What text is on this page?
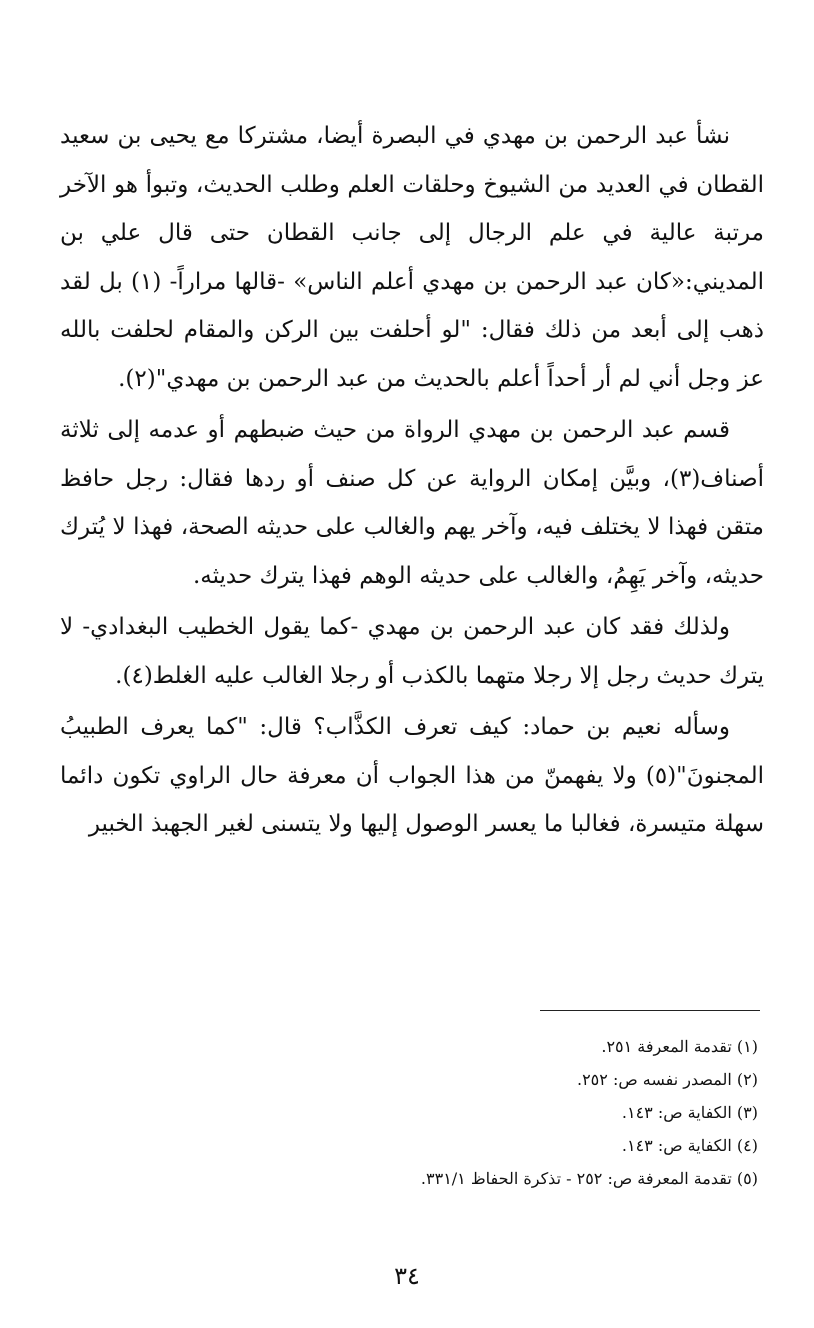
نشأ عبد الرحمن بن مهدي في البصرة أيضا، مشتركا مع يحيى بن سعيد القطان في العديد من الشيوخ وحلقات العلم وطلب الحديث، وتبوأ هو الآخر مرتبة عالية في علم الرجال إلى جانب القطان حتى قال علي بن المديني:«كان عبد الرحمن بن مهدي أعلم الناس» -قالها مراراً- (١) بل لقد ذهب إلى أبعد من ذلك فقال: "لو أحلفت بين الركن والمقام لحلفت بالله عز وجل أني لم أر أحداً أعلم بالحديث من عبد الرحمن بن مهدي"(٢).

قسم عبد الرحمن بن مهدي الرواة من حيث ضبطهم أو عدمه إلى ثلاثة أصناف(٣)، وبيَّن إمكان الرواية عن كل صنف أو ردها فقال: رجل حافظ متقن فهذا لا يختلف فيه، وآخر يهم والغالب على حديثه الصحة، فهذا لا يُترك حديثه، وآخر يَهِمُ، والغالب على حديثه الوهم فهذا يترك حديثه.

ولذلك فقد كان عبد الرحمن بن مهدي -كما يقول الخطيب البغدادي- لا يترك حديث رجل إلا رجلا متهما بالكذب أو رجلا الغالب عليه الغلط(٤).

وسأله نعيم بن حماد: كيف تعرف الكذَّاب؟ قال: "كما يعرف الطبيبُ المجنونَ"(٥) ولا يفهمنّ من هذا الجواب أن معرفة حال الراوي تكون دائما سهلة متيسرة، فغالبا ما يعسر الوصول إليها ولا يتسنى لغير الجهبذ الخبير

(١) تقدمة المعرفة ٢٥١.
(٢) المصدر نفسه ص: ٢٥٢.
(٣) الكفاية ص: ١٤٣.
(٤) الكفاية ص: ١٤٣.
(٥) تقدمة المعرفة ص: ٢٥٢ - تذكرة الحفاظ ٣٣١/١.
٣٤
